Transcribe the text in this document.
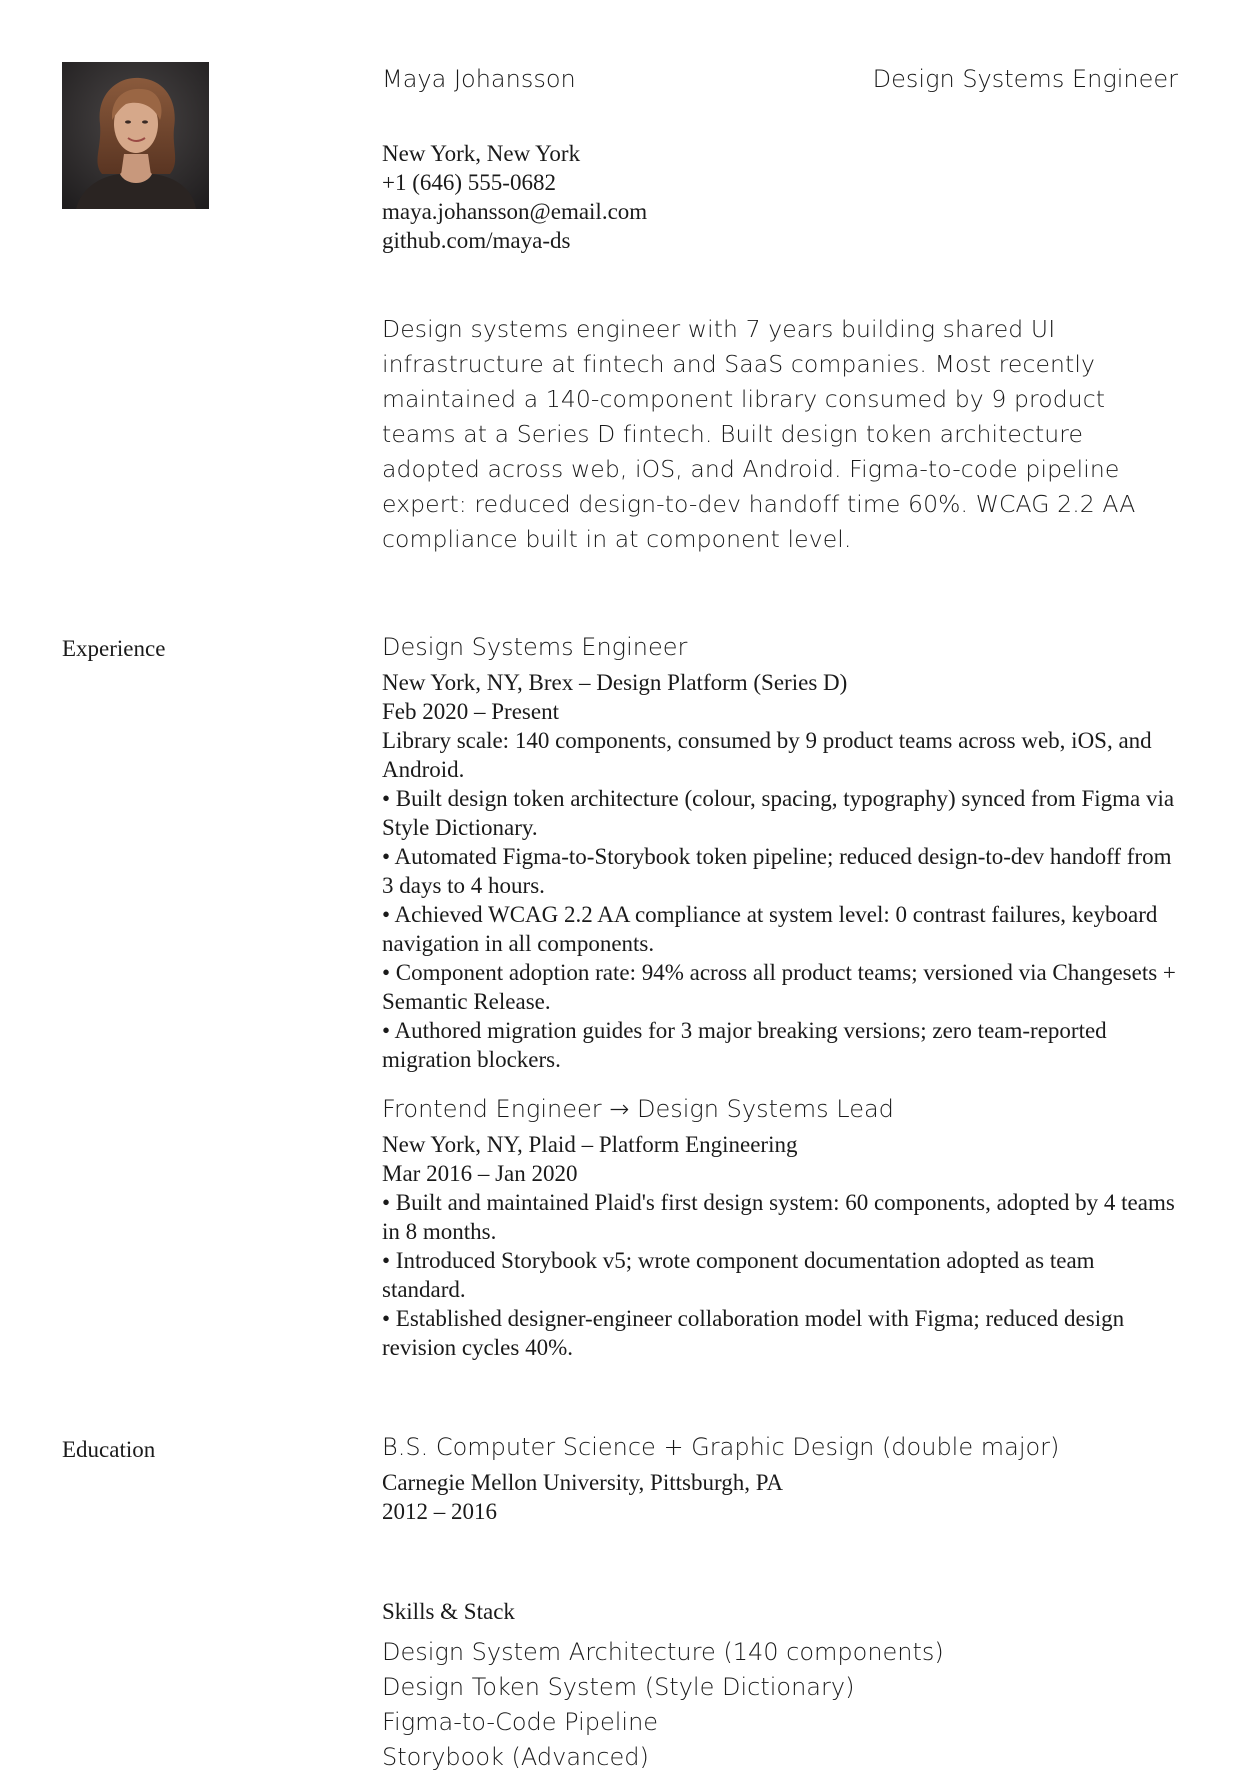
Maya Johansson	Design Systems Engineer
New York, New York
+1 (646) 555-0682
maya.johansson@email.com
github.com/maya-ds
Design systems engineer with 7 years building shared UI infrastructure at fintech and SaaS companies. Most recently maintained a 140-component library consumed by 9 product teams at a Series D fintech. Built design token architecture adopted across web, iOS, and Android. Figma-to-code pipeline expert: reduced design-to-dev handoff time 60%. WCAG 2.2 AA compliance built in at component level.
Experience	Design Systems Engineer
New York, NY, Brex – Design Platform (Series D)
Feb 2020 – Present
Library scale: 140 components, consumed by 9 product teams across web, iOS, and Android.
• Built design token architecture (colour, spacing, typography) synced from Figma via Style Dictionary.
• Automated Figma-to-Storybook token pipeline; reduced design-to-dev handoff from 3 days to 4 hours.
• Achieved WCAG 2.2 AA compliance at system level: 0 contrast failures, keyboard navigation in all components.
• Component adoption rate: 94% across all product teams; versioned via Changesets + Semantic Release.
• Authored migration guides for 3 major breaking versions; zero team-reported migration blockers.
Frontend Engineer → Design Systems Lead
New York, NY, Plaid – Platform Engineering
Mar 2016 – Jan 2020
• Built and maintained Plaid's first design system: 60 components, adopted by 4 teams in 8 months.
• Introduced Storybook v5; wrote component documentation adopted as team standard.
• Established designer-engineer collaboration model with Figma; reduced design revision cycles 40%.
Education	B.S. Computer Science + Graphic Design (double major)
Carnegie Mellon University, Pittsburgh, PA
2012 – 2016
Skills & Stack
Design System Architecture (140 components)
Design Token System (Style Dictionary)
Figma-to-Code Pipeline
Storybook (Advanced)
